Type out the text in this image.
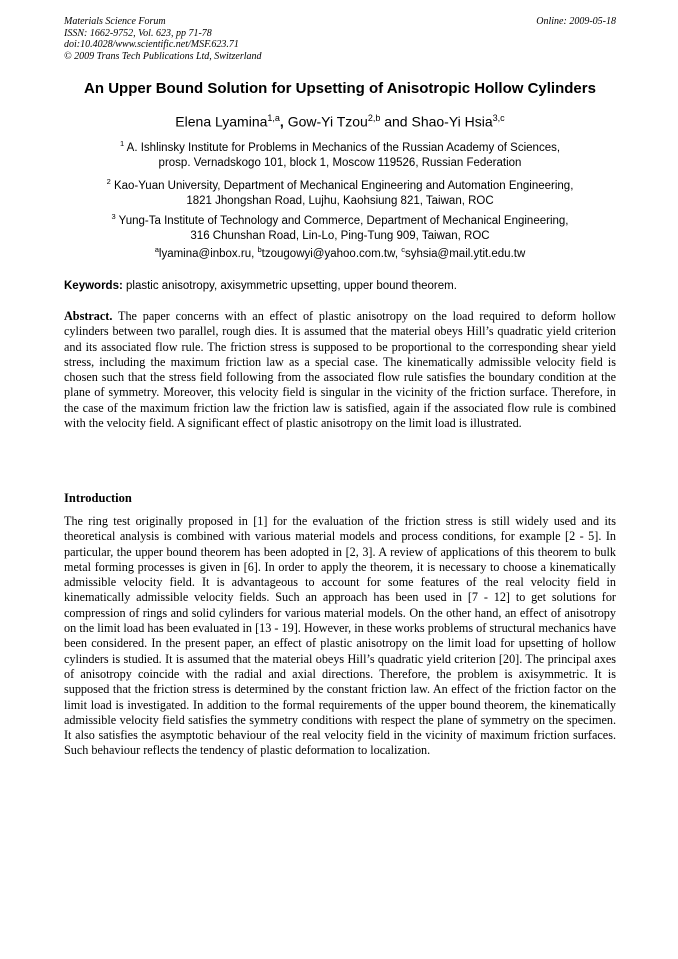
Materials Science Forum
ISSN: 1662-9752, Vol. 623, pp 71-78
doi:10.4028/www.scientific.net/MSF.623.71
© 2009 Trans Tech Publications Ltd, Switzerland
Online: 2009-05-18
An Upper Bound Solution for Upsetting of Anisotropic Hollow Cylinders
Elena Lyamina$^{1,a}$, Gow-Yi Tzou$^{2,b}$ and Shao-Yi Hsia$^{3,c}$
$^1$ A. Ishlinsky Institute for Problems in Mechanics of the Russian Academy of Sciences,
prosp. Vernadskogo 101, block 1, Moscow 119526, Russian Federation
$^2$ Kao-Yuan University, Department of Mechanical Engineering and Automation Engineering,
1821 Jhongshan Road, Lujhu, Kaohsiung 821, Taiwan, ROC
$^3$ Yung-Ta Institute of Technology and Commerce, Department of Mechanical Engineering,
316 Chunshan Road, Lin-Lo, Ping-Tung 909, Taiwan, ROC
$^a$lyamina@inbox.ru, $^b$tzougowyi@yahoo.com.tw, $^c$syhsia@mail.ytit.edu.tw
Keywords: plastic anisotropy, axisymmetric upsetting, upper bound theorem.
Abstract. The paper concerns with an effect of plastic anisotropy on the load required to deform hollow cylinders between two parallel, rough dies. It is assumed that the material obeys Hill’s quadratic yield criterion and its associated flow rule. The friction stress is supposed to be proportional to the corresponding shear yield stress, including the maximum friction law as a special case. The kinematically admissible velocity field is chosen such that the stress field following from the associated flow rule satisfies the boundary condition at the plane of symmetry. Moreover, this velocity field is singular in the vicinity of the friction surface. Therefore, in the case of the maximum friction law the friction law is satisfied, again if the associated flow rule is combined with the velocity field. A significant effect of plastic anisotropy on the limit load is illustrated.
Introduction
The ring test originally proposed in [1] for the evaluation of the friction stress is still widely used and its theoretical analysis is combined with various material models and process conditions, for example [2 - 5]. In particular, the upper bound theorem has been adopted in [2, 3]. A review of applications of this theorem to bulk metal forming processes is given in [6]. In order to apply the theorem, it is necessary to choose a kinematically admissible velocity field. It is advantageous to account for some features of the real velocity field in kinematically admissible velocity fields. Such an approach has been used in [7 - 12] to get solutions for compression of rings and solid cylinders for various material models. On the other hand, an effect of anisotropy on the limit load has been evaluated in [13 - 19]. However, in these works problems of structural mechanics have been considered. In the present paper, an effect of plastic anisotropy on the limit load for upsetting of hollow cylinders is studied. It is assumed that the material obeys Hill’s quadratic yield criterion [20]. The principal axes of anisotropy coincide with the radial and axial directions. Therefore, the problem is axisymmetric. It is supposed that the friction stress is determined by the constant friction law. An effect of the friction factor on the limit load is investigated. In addition to the formal requirements of the upper bound theorem, the kinematically admissible velocity field satisfies the symmetry conditions with respect the plane of symmetry on the specimen. It also satisfies the asymptotic behaviour of the real velocity field in the vicinity of maximum friction surfaces. Such behaviour reflects the tendency of plastic deformation to localization.
